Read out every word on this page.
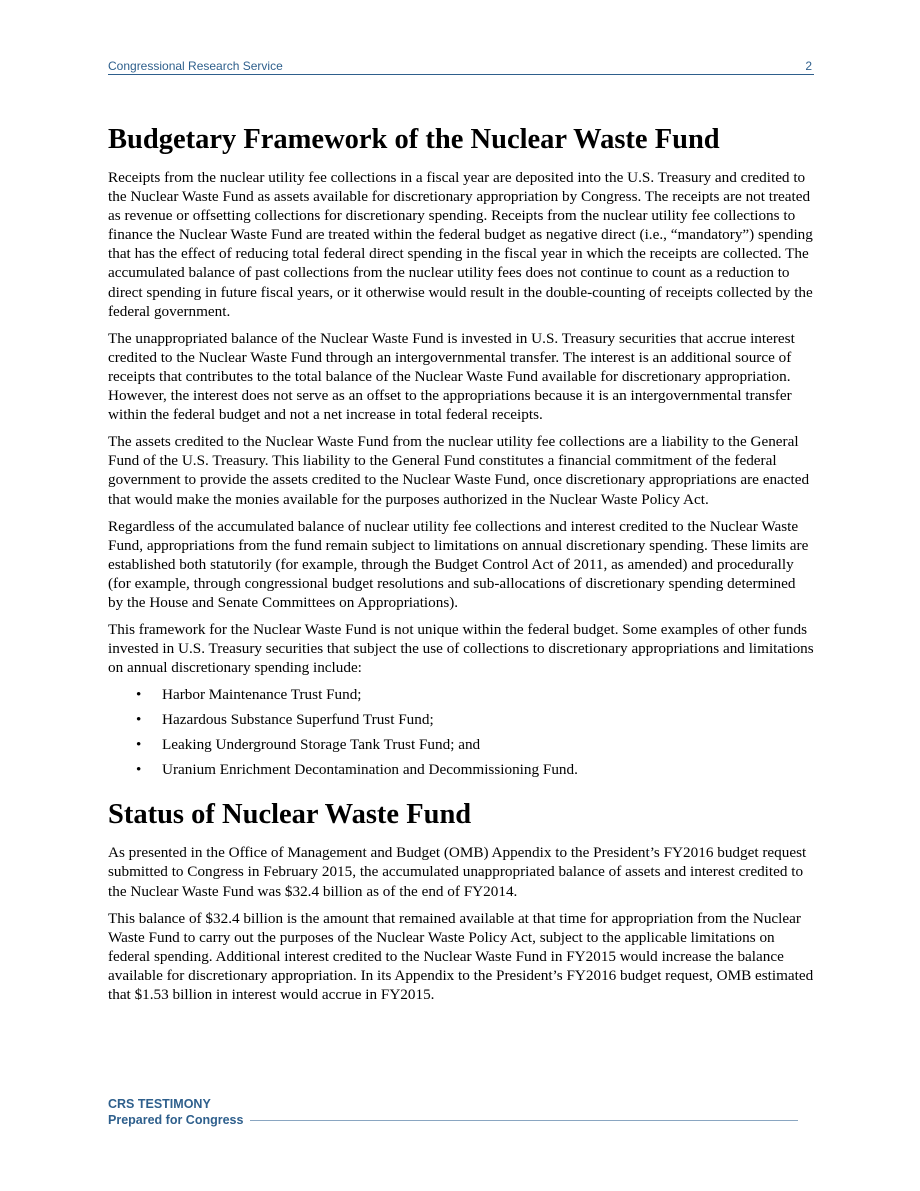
Congressional Research Service	2
Budgetary Framework of the Nuclear Waste Fund

Receipts from the nuclear utility fee collections in a fiscal year are deposited into the U.S. Treasury and credited to the Nuclear Waste Fund as assets available for discretionary appropriation by Congress. The receipts are not treated as revenue or offsetting collections for discretionary spending. Receipts from the nuclear utility fee collections to finance the Nuclear Waste Fund are treated within the federal budget as negative direct (i.e., “mandatory”) spending that has the effect of reducing total federal direct spending in the fiscal year in which the receipts are collected. The accumulated balance of past collections from the nuclear utility fees does not continue to count as a reduction to direct spending in future fiscal years, or it otherwise would result in the double-counting of receipts collected by the federal government.

The unappropriated balance of the Nuclear Waste Fund is invested in U.S. Treasury securities that accrue interest credited to the Nuclear Waste Fund through an intergovernmental transfer. The interest is an additional source of receipts that contributes to the total balance of the Nuclear Waste Fund available for discretionary appropriation. However, the interest does not serve as an offset to the appropriations because it is an intergovernmental transfer within the federal budget and not a net increase in total federal receipts.

The assets credited to the Nuclear Waste Fund from the nuclear utility fee collections are a liability to the General Fund of the U.S. Treasury. This liability to the General Fund constitutes a financial commitment of the federal government to provide the assets credited to the Nuclear Waste Fund, once discretionary appropriations are enacted that would make the monies available for the purposes authorized in the Nuclear Waste Policy Act.

Regardless of the accumulated balance of nuclear utility fee collections and interest credited to the Nuclear Waste Fund, appropriations from the fund remain subject to limitations on annual discretionary spending. These limits are established both statutorily (for example, through the Budget Control Act of 2011, as amended) and procedurally (for example, through congressional budget resolutions and sub-allocations of discretionary spending determined by the House and Senate Committees on Appropriations).

This framework for the Nuclear Waste Fund is not unique within the federal budget. Some examples of other funds invested in U.S. Treasury securities that subject the use of collections to discretionary appropriations and limitations on annual discretionary spending include:

• Harbor Maintenance Trust Fund;
• Hazardous Substance Superfund Trust Fund;
• Leaking Underground Storage Tank Trust Fund; and
• Uranium Enrichment Decontamination and Decommissioning Fund.
Status of Nuclear Waste Fund

As presented in the Office of Management and Budget (OMB) Appendix to the President’s FY2016 budget request submitted to Congress in February 2015, the accumulated unappropriated balance of assets and interest credited to the Nuclear Waste Fund was $32.4 billion as of the end of FY2014.

This balance of $32.4 billion is the amount that remained available at that time for appropriation from the Nuclear Waste Fund to carry out the purposes of the Nuclear Waste Policy Act, subject to the applicable limitations on federal spending. Additional interest credited to the Nuclear Waste Fund in FY2015 would increase the balance available for discretionary appropriation. In its Appendix to the President’s FY2016 budget request, OMB estimated that $1.53 billion in interest would accrue in FY2015.

CRS TESTIMONY
Prepared for Congress
